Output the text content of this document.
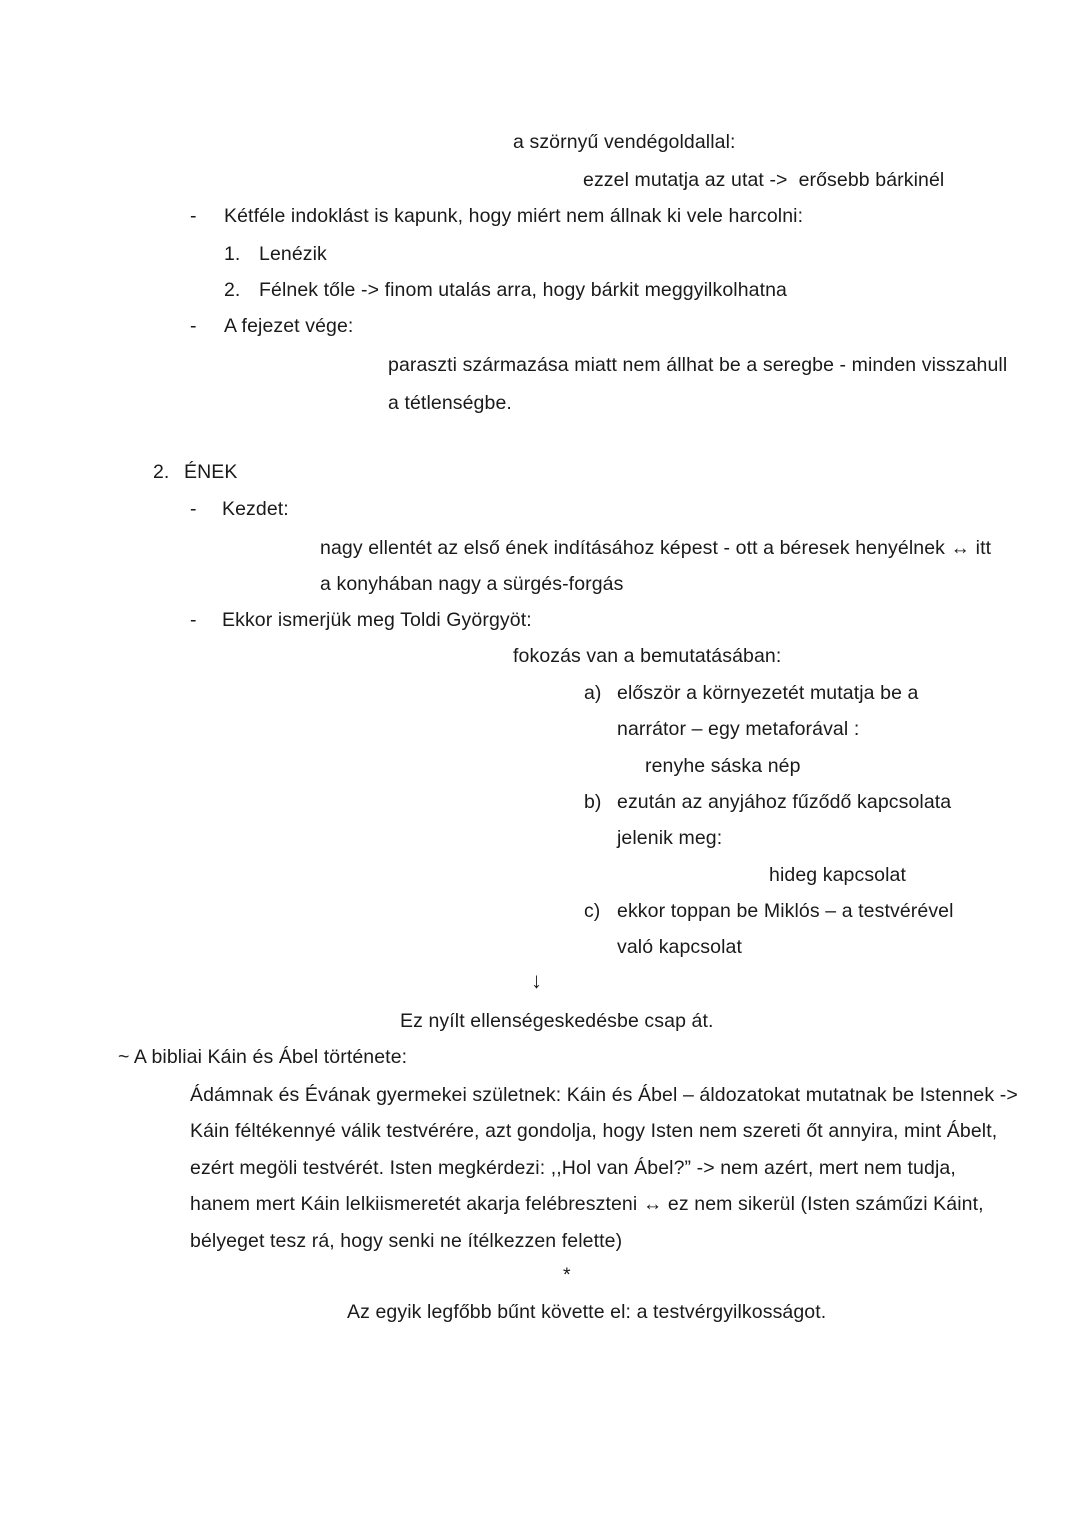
a szörnyű vendégoldallal:
ezzel mutatja az utat ->  erősebb bárkinél
- Kétféle indoklást is kapunk, hogy miért nem állnak ki vele harcolni:
1. Lenézik
2. Félnek tőle -> finom utalás arra, hogy bárkit meggyilkolhatna
- A fejezet vége:
paraszti származása miatt nem állhat be a seregbe - minden visszahull
a tétlenségbe.
2. ÉNEK
- Kezdet:
nagy ellentét az első ének indításához képest - ott a béresek henyélnek ↔ itt
a konyhában nagy a sürgés-forgás
- Ekkor ismerjük meg Toldi Györgyöt:
fokozás van a bemutatásában:
a) először a környezetét mutatja be a
narrátor – egy metaforával :
renyhe sáska nép
b) ezután az anyjához fűződő kapcsolata
jelenik meg:
hideg kapcsolat
c) ekkor toppan be Miklós – a testvérével
való kapcsolat
↓
Ez nyílt ellenségeskedésbe csap át.
~ A bibliai Káin és Ábel története:
Ádámnak és Évának gyermekei születnek: Káin és Ábel – áldozatokat mutatnak be Istennek ->
Káin féltékennyé válik testvérére, azt gondolja, hogy Isten nem szereti őt annyira, mint Ábelt,
ezért megöli testvérét. Isten megkérdezi: ,,Hol van Ábel?” -> nem azért, mert nem tudja,
hanem mert Káin lelkiismeretét akarja felébreszteni ↔ ez nem sikerül (Isten száműzi Káint,
bélyeget tesz rá, hogy senki ne ítélkezzen felette)
*
Az egyik legfőbb bűnt követte el: a testvérgyilkosságot.
